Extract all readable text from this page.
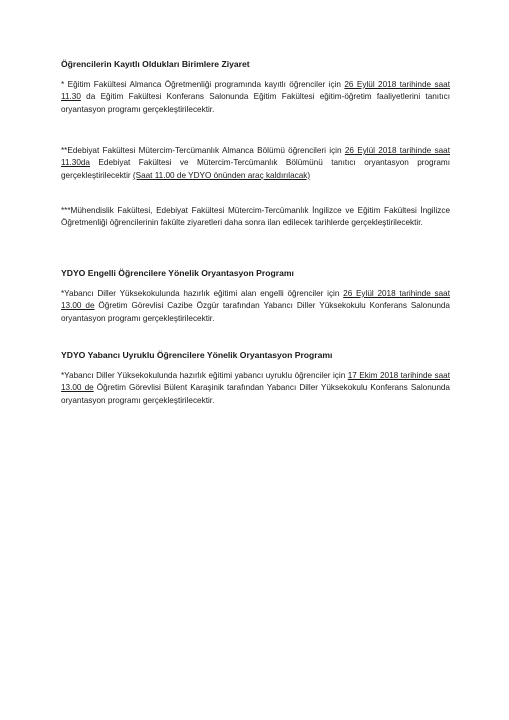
Öğrencilerin Kayıtlı Oldukları Birimlere Ziyaret

* Eğitim Fakültesi Almanca Öğretmenliği programında kayıtlı öğrenciler için 26 Eylül 2018 tarihinde saat 11.30 da Eğitim Fakültesi Konferans Salonunda Eğitim Fakültesi eğitim-öğretim faaliyetlerini tanıtıcı oryantasyon programı gerçekleştirilecektir.

**Edebiyat Fakültesi Mütercim-Tercümanlık Almanca Bölümü öğrencileri için 26 Eylül 2018 tarihinde saat 11.30da Edebiyat Fakültesi ve Mütercim-Tercümanlık Bölümünü tanıtıcı oryantasyon programı gerçekleştirilecektir (Saat 11.00 de YDYO önünden araç kaldırılacak)

***Mühendislik Fakültesi, Edebiyat Fakültesi Mütercim-Tercümanlık İngilizce ve Eğitim Fakültesi İngilizce Öğretmenliği öğrencilerinin fakülte ziyaretleri daha sonra ilan edilecek tarihlerde gerçekleştirilecektir.

YDYO Engelli Öğrencilere Yönelik Oryantasyon Programı

*Yabancı Diller Yüksekokulunda hazırlık eğitimi alan engelli öğrenciler için 26 Eylül 2018 tarihinde saat 13.00 de Öğretim Görevlisi Cazibe Özgür tarafından Yabancı Diller Yüksekokulu Konferans Salonunda oryantasyon programı gerçekleştirilecektir.

YDYO Yabancı Uyruklu Öğrencilere Yönelik Oryantasyon Programı

*Yabancı Diller Yüksekokulunda hazırlık eğitimi yabancı uyruklu öğrenciler için 17 Ekim 2018 tarihinde saat 13.00 de Öğretim Görevlisi Bülent Karaşinik tarafından Yabancı Diller Yüksekokulu Konferans Salonunda oryantasyon programı gerçekleştirilecektir.
